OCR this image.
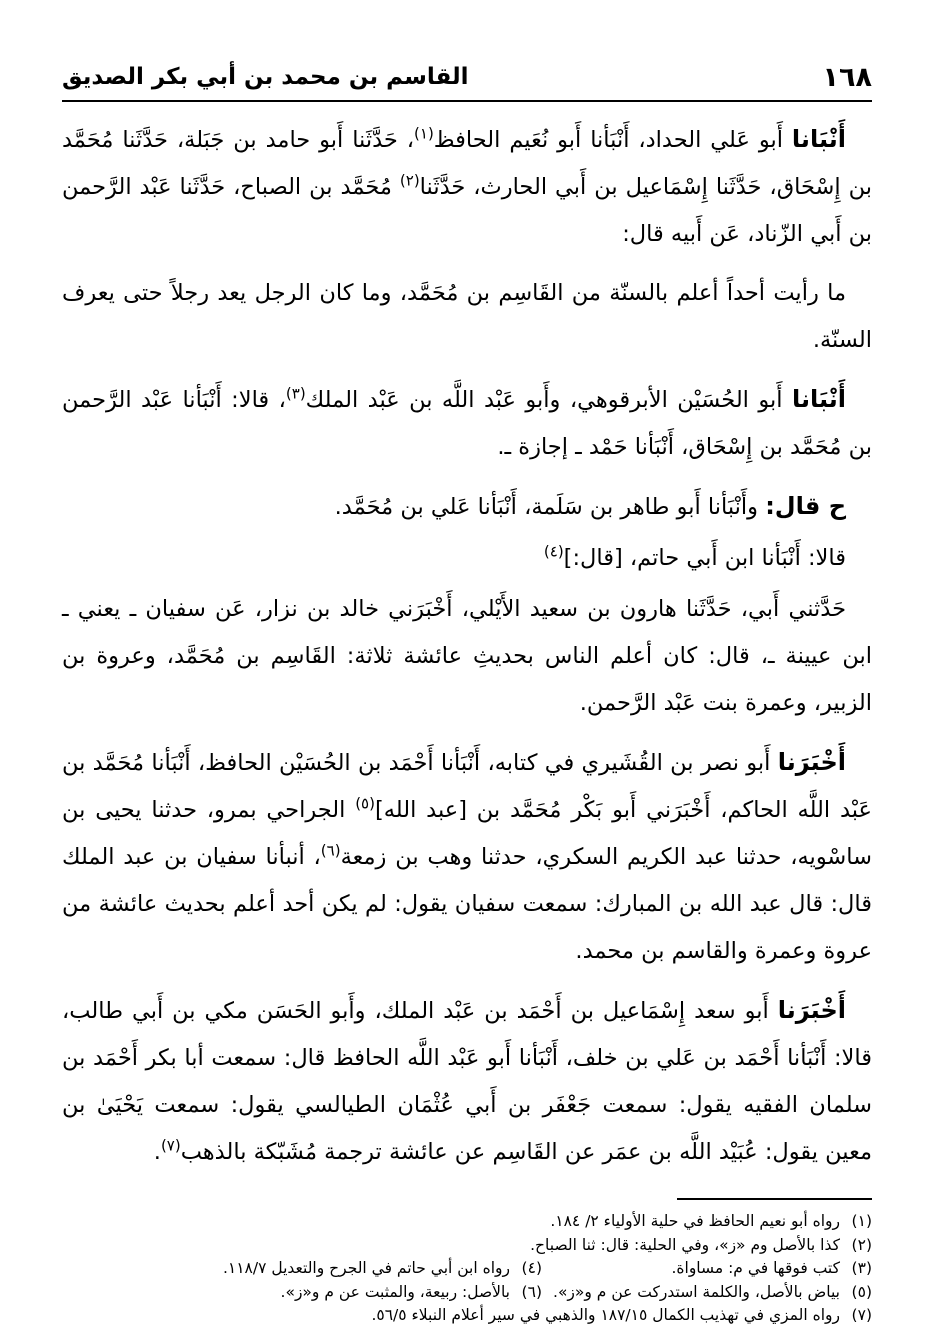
١٦٨
القاسم بن محمد بن أبي بكر الصديق

أَنْبَانا أَبو عَلي الحداد، أَنْبَأنا أَبو نُعَيم الحافظ$^{(١)}$، حَدَّثَنا أَبو حامد بن جَبَلة، حَدَّثَنا مُحَمَّد بن إِسْحَاق، حَدَّثَنا إِسْمَاعيل بن أَبي الحارث، حَدَّثَنا$^{(٢)}$ مُحَمَّد بن الصباح، حَدَّثَنا عَبْد الرَّحمن بن أَبي الزّناد، عَن أَبيه قال:

ما رأيت أحداً أعلم بالسنّة من القَاسِم بن مُحَمَّد، وما كان الرجل يعد رجلاً حتى يعرف السنّة.

أَنْبَانا أَبو الحُسَيْن الأبرقوهي، وأَبو عَبْد اللَّه بن عَبْد الملك$^{(٣)}$، قالا: أَنْبَأنا عَبْد الرَّحمن بن مُحَمَّد بن إِسْحَاق، أَنْبَأنا حَمْد ـ إجازة ـ.

ح قال: وأَنْبَأنا أَبو طاهر بن سَلَمة، أَنْبَأنا عَلي بن مُحَمَّد.

قالا: أَنْبَأنا ابن أَبي حاتم، [قال:]$^{(٤)}$

حَدَّثني أَبي، حَدَّثَنا هارون بن سعيد الأَيْلي، أَخْبَرَني خالد بن نزار، عَن سفيان ـ يعني ـ ابن عيينة ـ، قال: كان أعلم الناس بحديثِ عائشة ثلاثة: القَاسِم بن مُحَمَّد، وعروة بن الزبير، وعمرة بنت عَبْد الرَّحمن.

أَخْبَرَنا أَبو نصر بن القُشَيري في كتابه، أَنْبَأنا أَحْمَد بن الحُسَيْن الحافظ، أَنْبَأنا مُحَمَّد بن عَبْد اللَّه الحاكم، أَخْبَرَني أَبو بَكْر مُحَمَّد بن [عبد الله]$^{(٥)}$ الجراحي بمرو، حدثنا يحيى بن ساسْويه، حدثنا عبد الكريم السكري، حدثنا وهب بن زمعة$^{(٦)}$، أنبأنا سفيان بن عبد الملك قال: قال عبد الله بن المبارك: سمعت سفيان يقول: لم يكن أحد أعلم بحديث عائشة من عروة وعمرة والقاسم بن محمد.

أَخْبَرَنا أَبو سعد إِسْمَاعيل بن أَحْمَد بن عَبْد الملك، وأَبو الحَسَن مكي بن أَبي طالب، قالا: أَنْبَأنا أَحْمَد بن عَلي بن خلف، أَنْبَأنا أَبو عَبْد اللَّه الحافظ قال: سمعت أبا بكر أَحْمَد بن سلمان الفقيه يقول: سمعت جَعْفَر بن أَبي عُثْمَان الطيالسي يقول: سمعت يَحْيَىٰ بن معين يقول: عُبَيْد اللَّه بن عمَر عن القَاسِم عن عائشة ترجمة مُشَبّكة بالذهب$^{(٧)}$.

(١)
رواه أبو نعيم الحافظ في حلية الأولياء ٢/ ١٨٤.
(٢)
كذا بالأصل وم «ز»، وفي الحلية: قال: ثنا الصباح.
(٣)
كتب فوقها في م: مساواة.
(٤)
رواه ابن أبي حاتم في الجرح والتعديل ١١٨/٧.
(٥)
بياض بالأصل، والكلمة استدركت عن م و«ز».
(٦)
بالأصل: ربيعة، والمثبت عن م و«ز».
(٧)
رواه المزي في تهذيب الكمال ١٨٧/١٥ والذهبي في سير أعلام النبلاء ٥٦/٥.
